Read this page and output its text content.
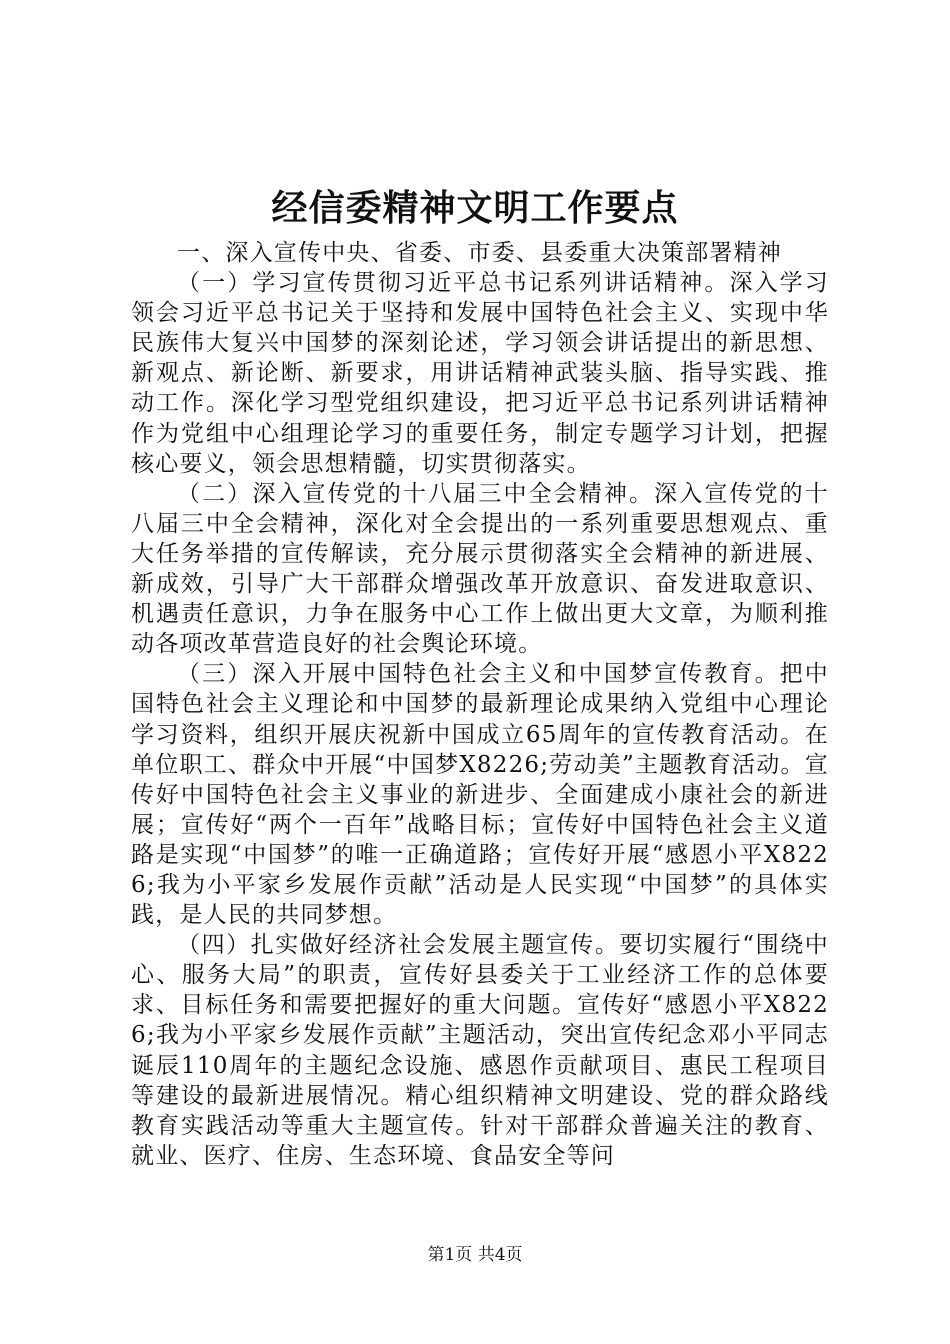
经信委精神文明工作要点

一、深入宣传中央、省委、市委、县委重大决策部署精神

（一）学习宣传贯彻习近平总书记系列讲话精神。深入学习领会习近平总书记关于坚持和发展中国特色社会主义、实现中华民族伟大复兴中国梦的深刻论述，学习领会讲话提出的新思想、新观点、新论断、新要求，用讲话精神武装头脑、指导实践、推动工作。深化学习型党组织建设，把习近平总书记系列讲话精神作为党组中心组理论学习的重要任务，制定专题学习计划，把握核心要义，领会思想精髓，切实贯彻落实。

（二）深入宣传党的十八届三中全会精神。深入宣传党的十八届三中全会精神，深化对全会提出的一系列重要思想观点、重大任务举措的宣传解读，充分展示贯彻落实全会精神的新进展、新成效，引导广大干部群众增强改革开放意识、奋发进取意识、机遇责任意识，力争在服务中心工作上做出更大文章，为顺利推动各项改革营造良好的社会舆论环境。

（三）深入开展中国特色社会主义和中国梦宣传教育。把中国特色社会主义理论和中国梦的最新理论成果纳入党组中心理论学习资料，组织开展庆祝新中国成立65周年的宣传教育活动。在单位职工、群众中开展“中国梦X8226;劳动美”主题教育活动。宣传好中国特色社会主义事业的新进步、全面建成小康社会的新进展；宣传好“两个一百年”战略目标；宣传好中国特色社会主义道路是实现“中国梦”的唯一正确道路；宣传好开展“感恩小平X8226;我为小平家乡发展作贡献”活动是人民实现“中国梦”的具体实践，是人民的共同梦想。

（四）扎实做好经济社会发展主题宣传。要切实履行“围绕中心、服务大局”的职责，宣传好县委关于工业经济工作的总体要求、目标任务和需要把握好的重大问题。宣传好“感恩小平X8226;我为小平家乡发展作贡献”主题活动，突出宣传纪念邓小平同志诞辰110周年的主题纪念设施、感恩作贡献项目、惠民工程项目等建设的最新进展情况。精心组织精神文明建设、党的群众路线教育实践活动等重大主题宣传。针对干部群众普遍关注的教育、就业、医疗、住房、生态环境、食品安全等问

第1页 共4页
